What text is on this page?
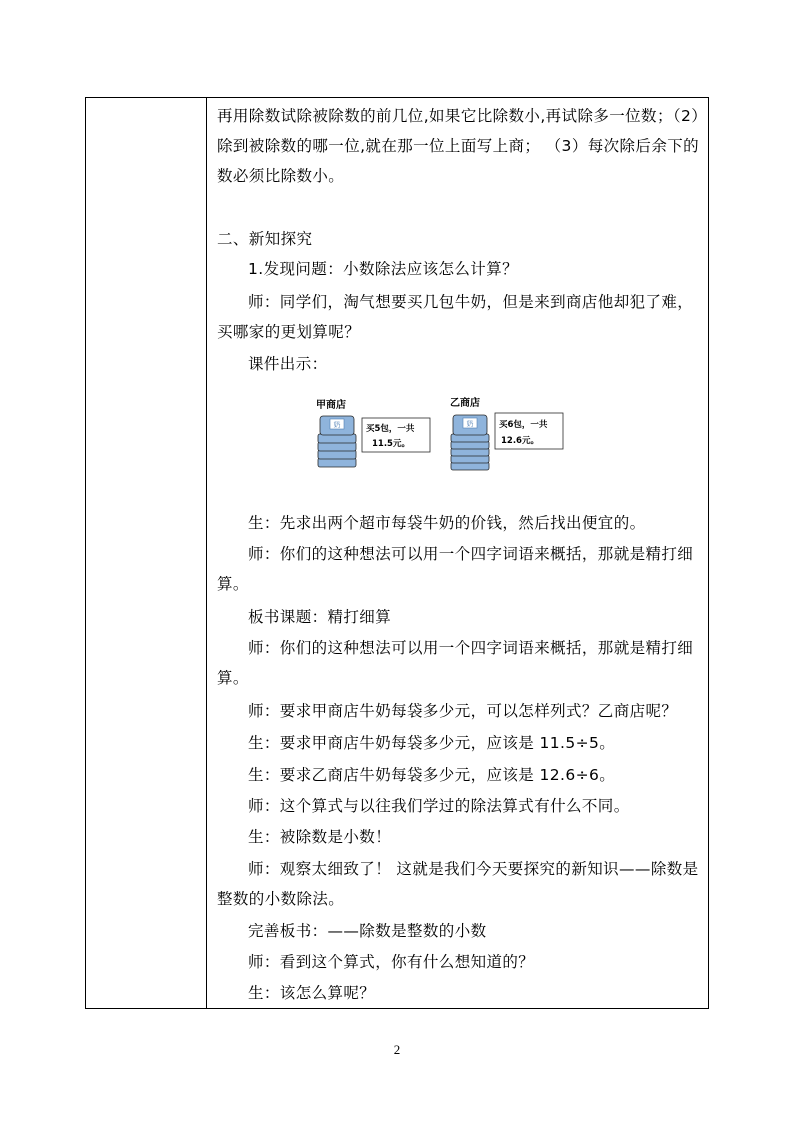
再用除数试除被除数的前几位,如果它比除数小,再试除多一位数；（2）
除到被除数的哪一位,就在那一位上面写上商； （3）每次除后余下的
数必须比除数小。
二、新知探究
1.发现问题：小数除法应该怎么计算？
师：同学们，淘气想要买几包牛奶，但是来到商店他却犯了难，
买哪家的更划算呢？
课件出示：
甲商店
奶	买5包，一共
11.5元。
乙商店
奶	买6包，一共
12.6元。
生：先求出两个超市每袋牛奶的价钱，然后找出便宜的。
师：你们的这种想法可以用一个四字词语来概括，那就是精打细
算。
板书课题：精打细算
师：你们的这种想法可以用一个四字词语来概括，那就是精打细
算。
师：要求甲商店牛奶每袋多少元，可以怎样列式？乙商店呢？
生：要求甲商店牛奶每袋多少元，应该是 11.5÷5。
生：要求乙商店牛奶每袋多少元，应该是 12.6÷6。
师：这个算式与以往我们学过的除法算式有什么不同。
生：被除数是小数！
师：观察太细致了！ 这就是我们今天要探究的新知识——除数是
整数的小数除法。
完善板书：——除数是整数的小数
师：看到这个算式，你有什么想知道的？
生：该怎么算呢？
2
